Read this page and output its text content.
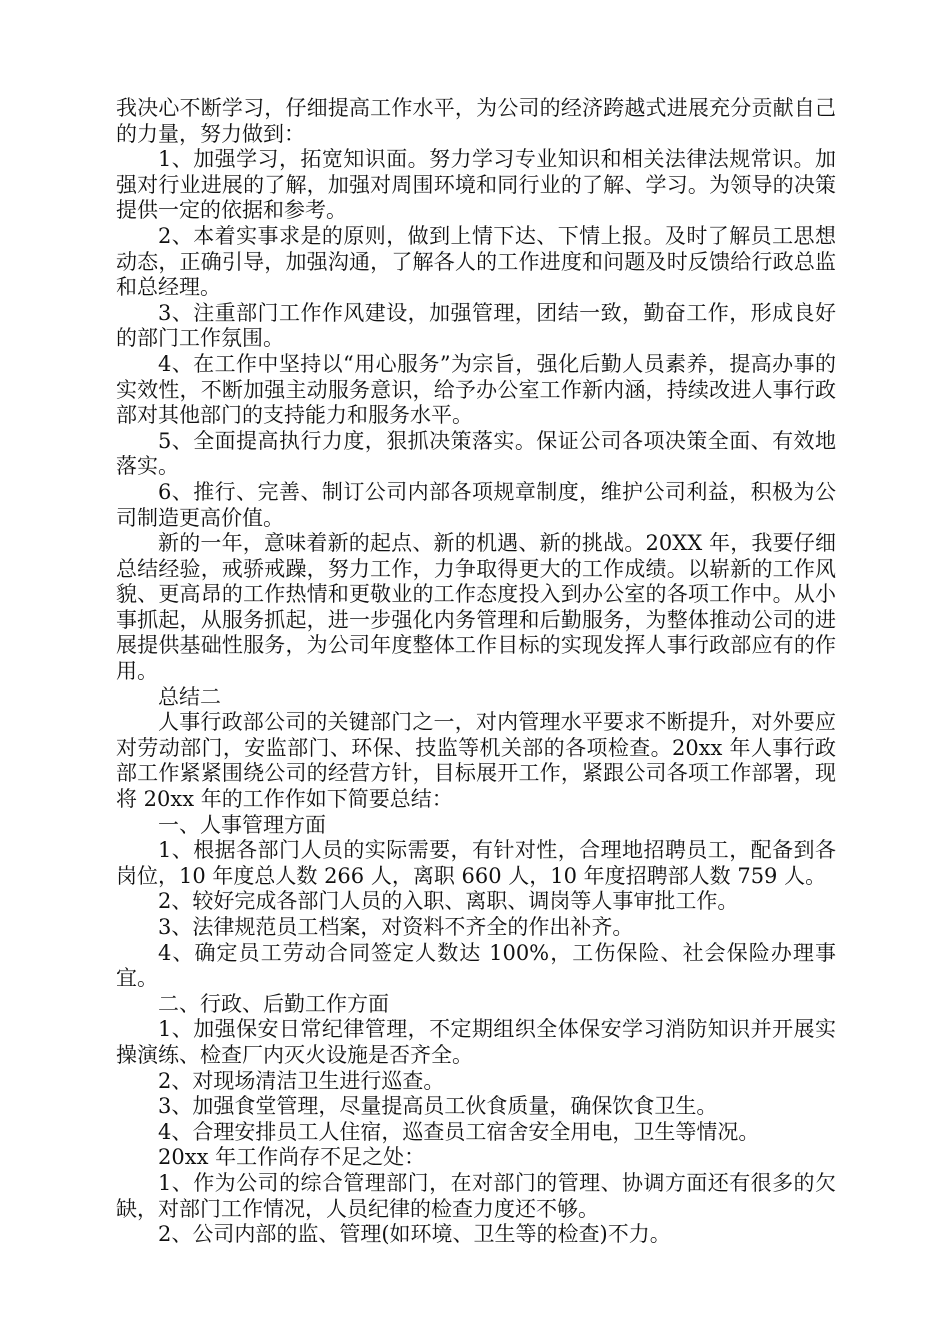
我决心不断学习，仔细提高工作水平，为公司的经济跨越式进展充分贡献自己的力量，努力做到：

1、加强学习，拓宽知识面。努力学习专业知识和相关法律法规常识。加强对行业进展的了解，加强对周围环境和同行业的了解、学习。为领导的决策提供一定的依据和参考。

2、本着实事求是的原则，做到上情下达、下情上报。及时了解员工思想动态，正确引导，加强沟通，了解各人的工作进度和问题及时反馈给行政总监和总经理。

3、注重部门工作作风建设，加强管理，团结一致，勤奋工作，形成良好的部门工作氛围。

4、在工作中坚持以“用心服务”为宗旨，强化后勤人员素养，提高办事的实效性，不断加强主动服务意识，给予办公室工作新内涵，持续改进人事行政部对其他部门的支持能力和服务水平。

5、全面提高执行力度，狠抓决策落实。保证公司各项决策全面、有效地落实。

6、推行、完善、制订公司内部各项规章制度，维护公司利益，积极为公司制造更高价值。

新的一年，意味着新的起点、新的机遇、新的挑战。20XX 年，我要仔细总结经验，戒骄戒躁，努力工作，力争取得更大的工作成绩。以崭新的工作风貌、更高昂的工作热情和更敬业的工作态度投入到办公室的各项工作中。从小事抓起，从服务抓起，进一步强化内务管理和后勤服务，为整体推动公司的进展提供基础性服务，为公司年度整体工作目标的实现发挥人事行政部应有的作用。

总结二

人事行政部公司的关键部门之一，对内管理水平要求不断提升，对外要应对劳动部门，安监部门、环保、技监等机关部的各项检查。20xx 年人事行政部工作紧紧围绕公司的经营方针，目标展开工作，紧跟公司各项工作部署，现将 20xx 年的工作作如下简要总结：

一、人事管理方面

1、根据各部门人员的实际需要，有针对性，合理地招聘员工，配备到各岗位，10 年度总人数 266 人，离职 660 人，10 年度招聘部人数 759 人。

2、较好完成各部门人员的入职、离职、调岗等人事审批工作。

3、法律规范员工档案，对资料不齐全的作出补齐。

4、确定员工劳动合同签定人数达 100%，工伤保险、社会保险办理事宜。

二、行政、后勤工作方面

1、加强保安日常纪律管理，不定期组织全体保安学习消防知识并开展实操演练、检查厂内灭火设施是否齐全。

2、对现场清洁卫生进行巡查。

3、加强食堂管理，尽量提高员工伙食质量，确保饮食卫生。

4、合理安排员工人住宿，巡查员工宿舍安全用电，卫生等情况。

20xx 年工作尚存不足之处：

1、作为公司的综合管理部门，在对部门的管理、协调方面还有很多的欠缺，对部门工作情况，人员纪律的检查力度还不够。

2、公司内部的监、管理(如环境、卫生等的检查)不力。
